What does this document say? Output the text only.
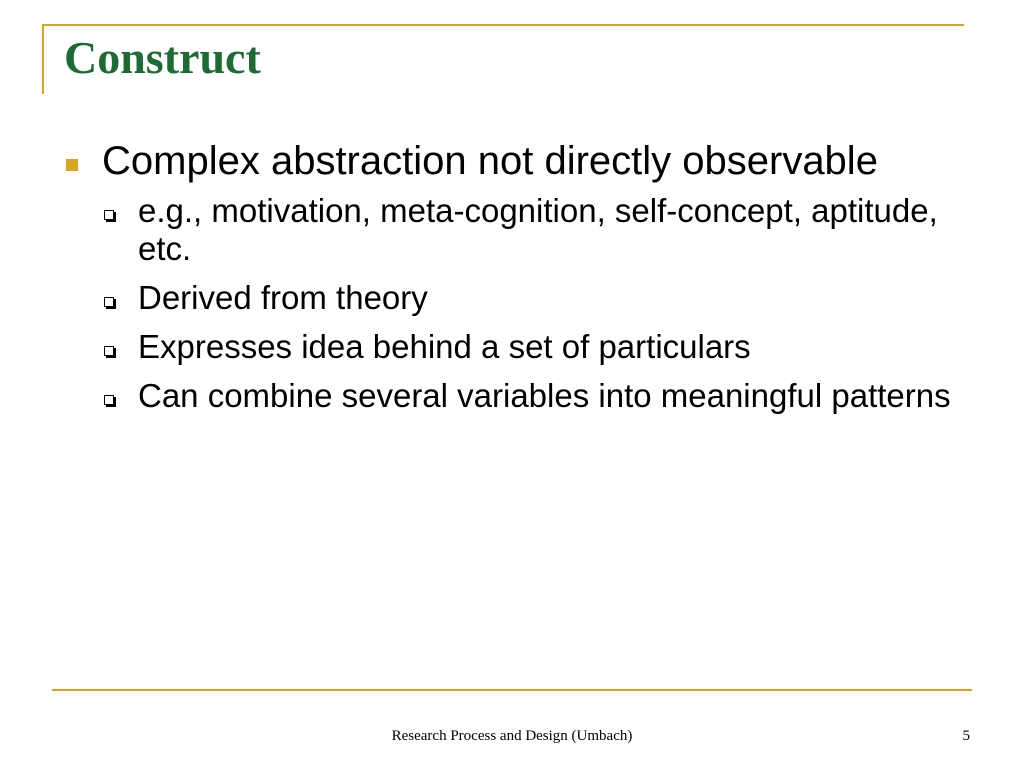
Construct
Complex abstraction not directly observable
e.g., motivation, meta-cognition, self-concept, aptitude, etc.
Derived from theory
Expresses idea behind a set of particulars
Can combine several variables into meaningful patterns
Research Process and Design (Umbach)	5
